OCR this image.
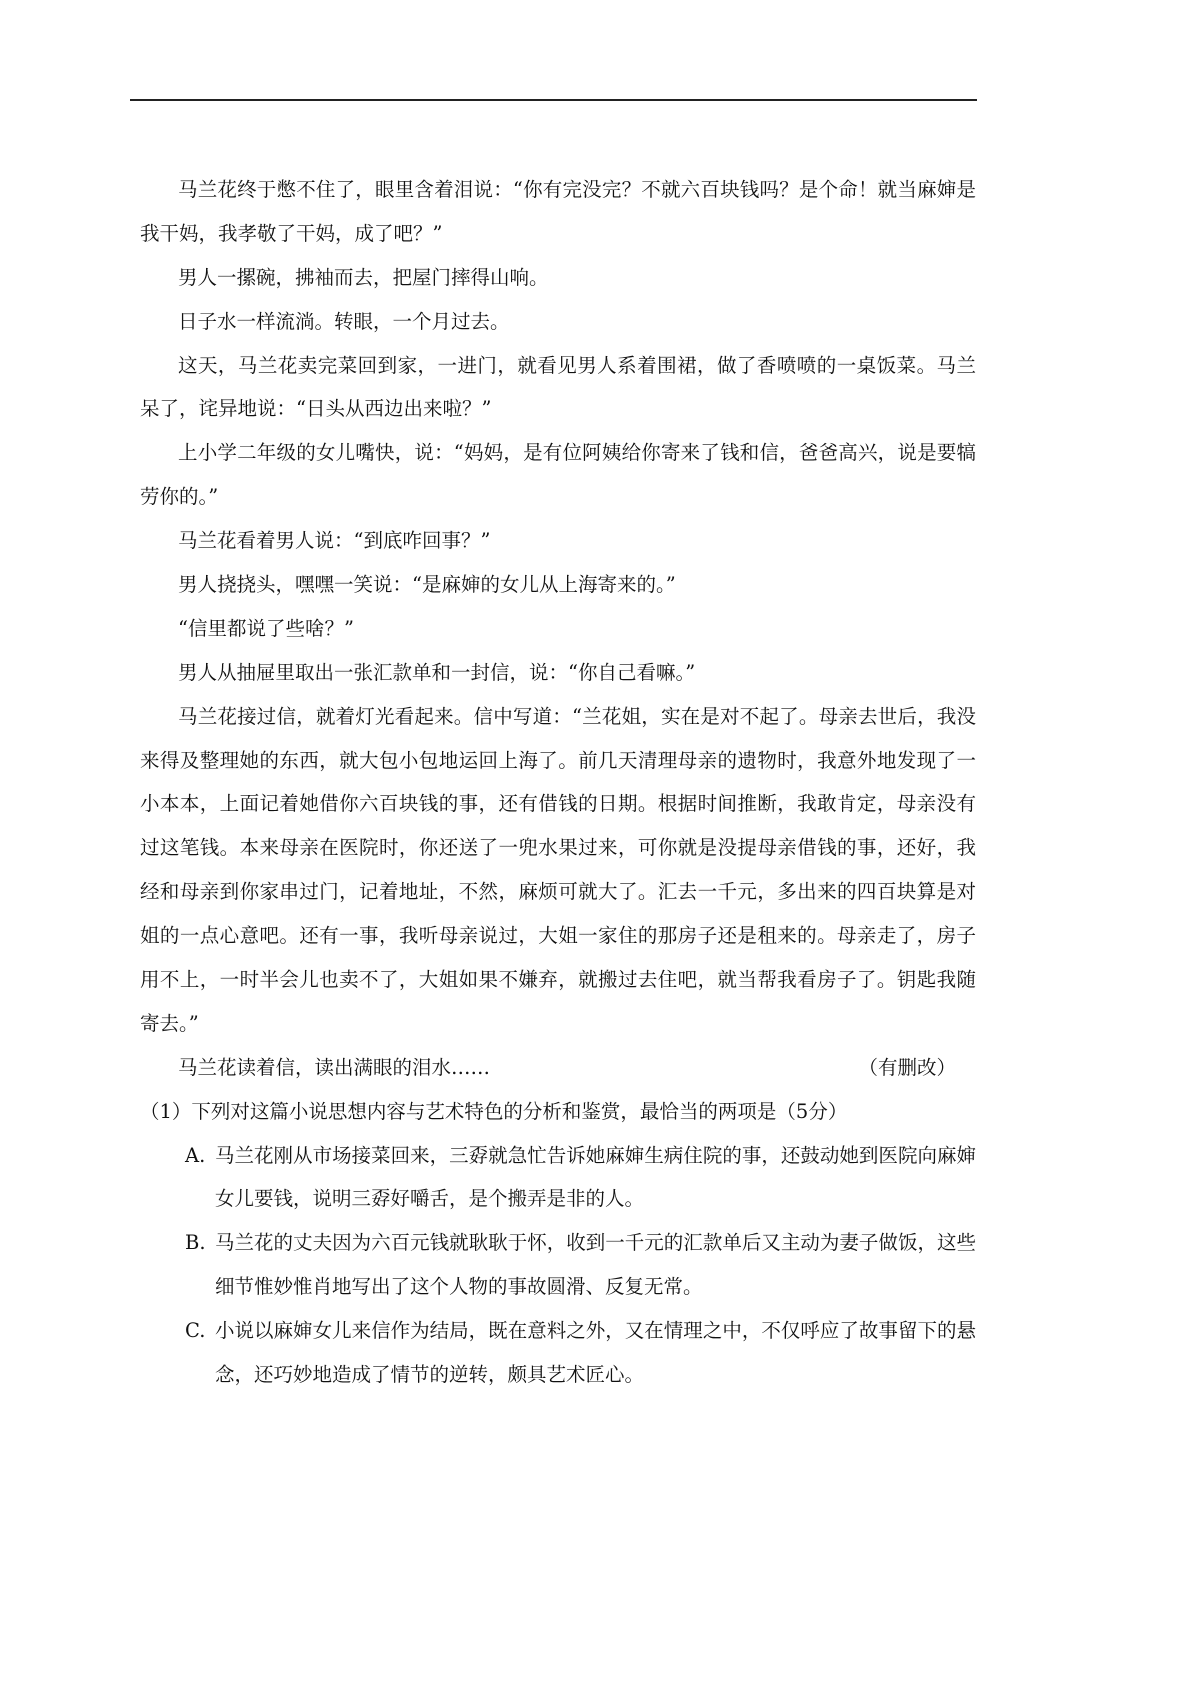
马兰花终于憋不住了，眼里含着泪说：“你有完没完？不就六百块钱吗？是个命！就当麻婶是
我干妈，我孝敬了干妈，成了吧？”
男人一摞碗，拂袖而去，把屋门摔得山响。
日子水一样流淌。转眼，一个月过去。
这天，马兰花卖完菜回到家，一进门，就看见男人系着围裙，做了香喷喷的一桌饭菜。马兰
呆了，诧异地说：“日头从西边出来啦？”
上小学二年级的女儿嘴快，说：“妈妈，是有位阿姨给你寄来了钱和信，爸爸高兴，说是要犒
劳你的。”
马兰花看着男人说：“到底咋回事？”
男人挠挠头，嘿嘿一笑说：“是麻婶的女儿从上海寄来的。”
“信里都说了些啥？”
男人从抽屉里取出一张汇款单和一封信，说：“你自己看嘛。”
马兰花接过信，就着灯光看起来。信中写道：“兰花姐，实在是对不起了。母亲去世后，我没
来得及整理她的东西，就大包小包地运回上海了。前几天清理母亲的遗物时，我意外地发现了一
小本本，上面记着她借你六百块钱的事，还有借钱的日期。根据时间推断，我敢肯定，母亲没有
过这笔钱。本来母亲在医院时，你还送了一兜水果过来，可你就是没提母亲借钱的事，还好，我
经和母亲到你家串过门，记着地址，不然，麻烦可就大了。汇去一千元，多出来的四百块算是对
姐的一点心意吧。还有一事，我听母亲说过，大姐一家住的那房子还是租来的。母亲走了，房子
用不上，一时半会儿也卖不了，大姐如果不嫌弃，就搬过去住吧，就当帮我看房子了。钥匙我随
寄去。”
马兰花读着信，读出满眼的泪水……	（有删改）
（1）下列对这篇小说思想内容与艺术特色的分析和鉴赏，最恰当的两项是（5分）
A. 马兰花刚从市场接菜回来，三孬就急忙告诉她麻婶生病住院的事，还鼓动她到医院向麻婶
女儿要钱，说明三孬好嚼舌，是个搬弄是非的人。
B. 马兰花的丈夫因为六百元钱就耿耿于怀，收到一千元的汇款单后又主动为妻子做饭，这些
细节惟妙惟肖地写出了这个人物的事故圆滑、反复无常。
C. 小说以麻婶女儿来信作为结局，既在意料之外，又在情理之中，不仅呼应了故事留下的悬
念，还巧妙地造成了情节的逆转，颇具艺术匠心。
